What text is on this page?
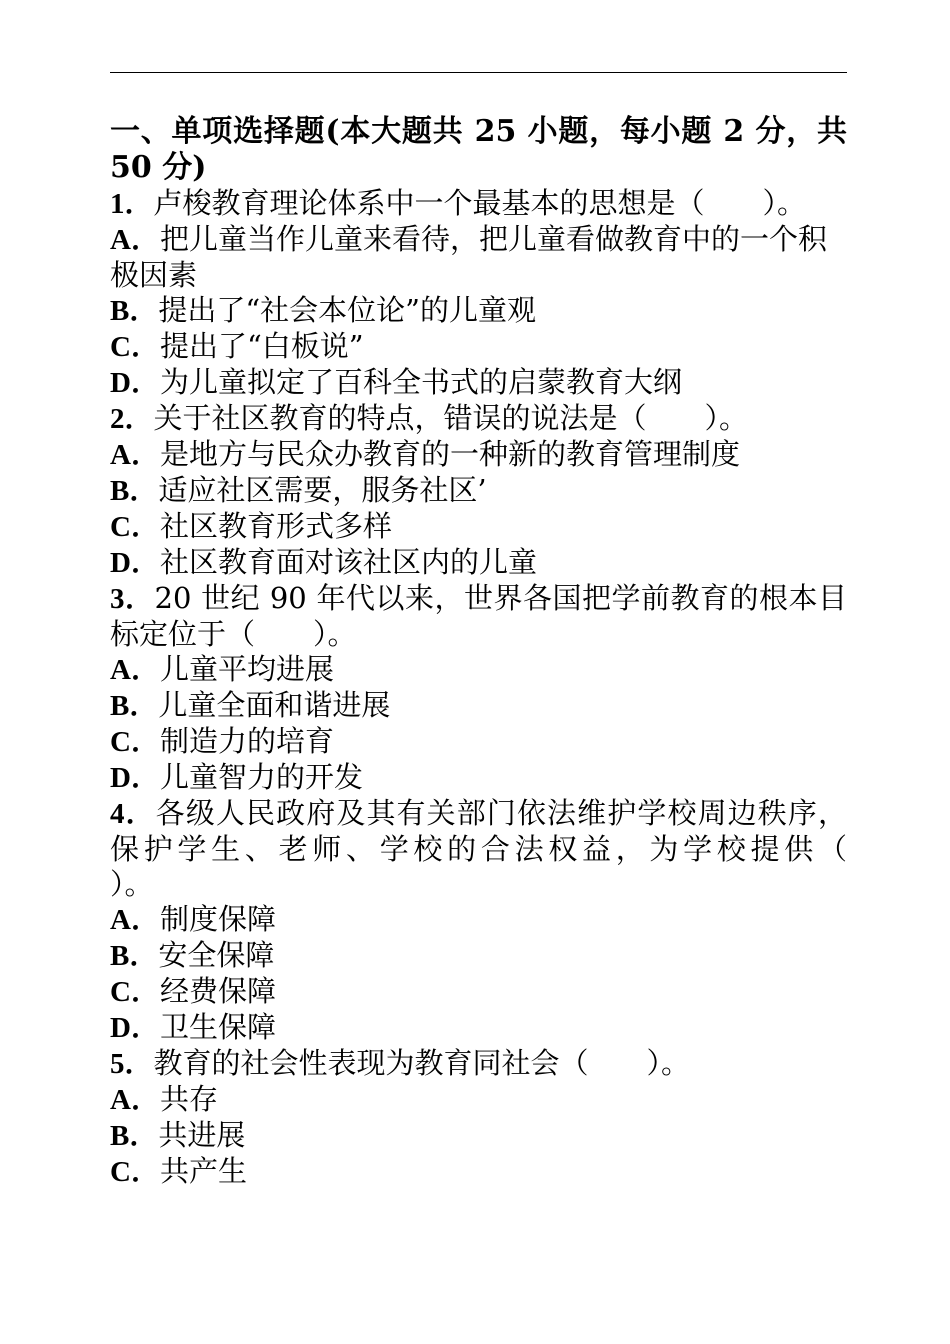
一、单项选择题(本大题共 25 小题，每小题 2 分，共 50 分)
1．卢梭教育理论体系中一个最基本的思想是（　　）。
A．把儿童当作儿童来看待，把儿童看做教育中的一个积极因素
B．提出了“社会本位论”的儿童观
C．提出了“白板说”
D．为儿童拟定了百科全书式的启蒙教育大纲
2．关于社区教育的特点，错误的说法是（　　）。
A．是地方与民众办教育的一种新的教育管理制度
B．适应社区需要，服务社区’
C．社区教育形式多样
D．社区教育面对该社区内的儿童
3．20 世纪 90 年代以来，世界各国把学前教育的根本目标定位于（　　）。
A．儿童平均进展
B．儿童全面和谐进展
C．制造力的培育
D．儿童智力的开发
4．各级人民政府及其有关部门依法维护学校周边秩序，保护学生、老师、学校的合法权益，为学校提供（　　）。
A．制度保障
B．安全保障
C．经费保障
D．卫生保障
5．教育的社会性表现为教育同社会（　　）。
A．共存
B．共进展
C．共产生
